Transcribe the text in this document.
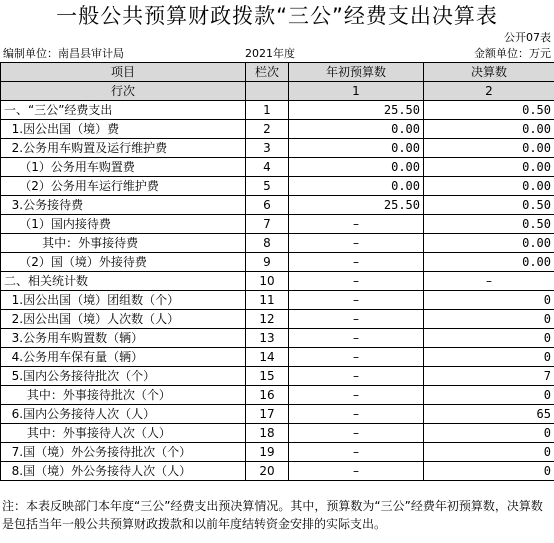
一般公共预算财政拨款“三公”经费支出决算表
公开07表
编制单位：南昌县审计局	2021年度	金额单位：万元
项目	栏次	年初预算数	决算数
行次		1	2
一、“三公”经费支出	1	25.50	0.50
1.因公出国（境）费	2	0.00	0.00
2.公务用车购置及运行维护费	3	0.00	0.00
（1）公务用车购置费	4	0.00	0.00
（2）公务用车运行维护费	5	0.00	0.00
3.公务接待费	6	25.50	0.50
（1）国内接待费	7	–	0.50
其中：外事接待费	8	–	0.00
（2）国（境）外接待费	9	–	0.00
二、相关统计数	10	–	–
1.因公出国（境）团组数（个）	11	–	0
2.因公出国（境）人次数（人）	12	–	0
3.公务用车购置数（辆）	13	–	0
4.公务用车保有量（辆）	14	–	0
5.国内公务接待批次（个）	15	–	7
其中：外事接待批次（个）	16	–	0
6.国内公务接待人次（人）	17	–	65
其中：外事接待人次（人）	18	–	0
7.国（境）外公务接待批次（个）	19	–	0
8.国（境）外公务接待人次（人）	20	–	0
注：本表反映部门本年度“三公”经费支出预决算情况。其中，预算数为“三公”经费年初预算数，决算数是包括当年一般公共预算财政拨款和以前年度结转资金安排的实际支出。
